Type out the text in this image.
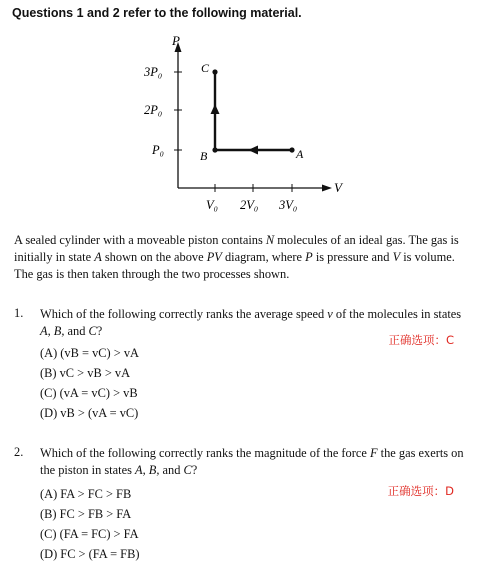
Questions 1 and 2 refer to the following material.
P
V
3P₀
2P₀
P₀
V₀ 2V₀ 3V₀
A
B
C
A sealed cylinder with a moveable piston contains N molecules of an ideal gas. The gas is initially in state A shown on the above PV diagram, where P is pressure and V is volume. The gas is then taken through the two processes shown.
1. Which of the following correctly ranks the average speed v of the molecules in states A, B, and C?
正确选项：C
(A) (vB = vC) > vA
(B) vC > vB > vA
(C) (vA = vC) > vB
(D) vB > (vA = vC)
2. Which of the following correctly ranks the magnitude of the force F the gas exerts on the piston in states A, B, and C?
正确选项：D
(A) FA > FC > FB
(B) FC > FB > FA
(C) (FA = FC) > FA
(D) FC > (FA = FB)
